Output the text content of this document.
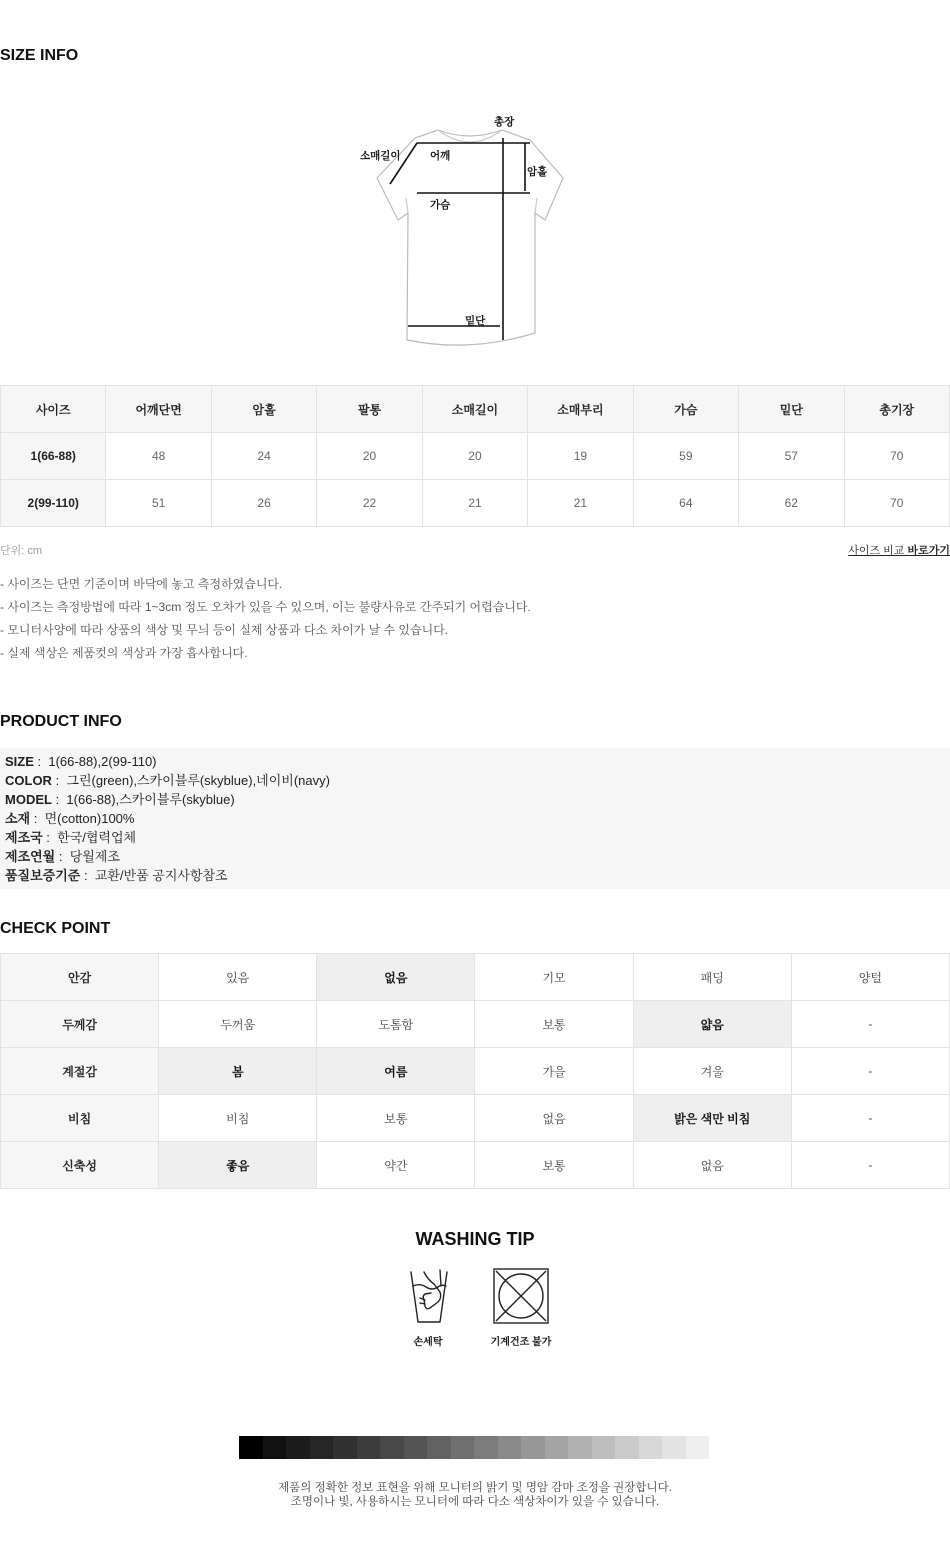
SIZE INFO
총장
소매길이	어깨
암홀
가슴
밑단
사이즈	어깨단면	암홀	팔통	소매길이	소매부리	가슴	밑단	총기장
1(66-88)	48	24	20	20	19	59	57	70
2(99-110)	51	26	22	21	21	64	62	70
단위: cm	사이즈 비교 바로가기
- 사이즈는 단면 기준이며 바닥에 놓고 측정하였습니다.
- 사이즈는 측정방법에 따라 1~3cm 정도 오차가 있을 수 있으며, 이는 불량사유로 간주되기 어렵습니다.
- 모니터사양에 따라 상품의 색상 및 무늬 등이 실제 상품과 다소 차이가 날 수 있습니다.
- 실제 색상은 제품컷의 색상과 가장 흡사합니다.
PRODUCT INFO
SIZE :  1(66-88),2(99-110)
COLOR :  그린(green),스카이블루(skyblue),네이비(navy)
MODEL :  1(66-88),스카이블루(skyblue)
소재 :  면(cotton)100%
제조국 :  한국/협력업체
제조연월 :  당월제조
품질보증기준 :  교환/반품 공지사항참조
CHECK POINT
안감	있음	없음	기모	패딩	양털
두께감	두꺼움	도톰함	보통	얇음	-
계절감	봄	여름	가을	겨울	-
비침	비침	보통	없음	밝은 색만 비침	-
신축성	좋음	약간	보통	없음	-
WASHING TIP
손세탁	기계건조 불가
제품의 정확한 정보 표현을 위해 모니터의 밝기 및 명암 감마 조정을 권장합니다.
조명이나 빛, 사용하시는 모니터에 따라 다소 색상차이가 있을 수 있습니다.
